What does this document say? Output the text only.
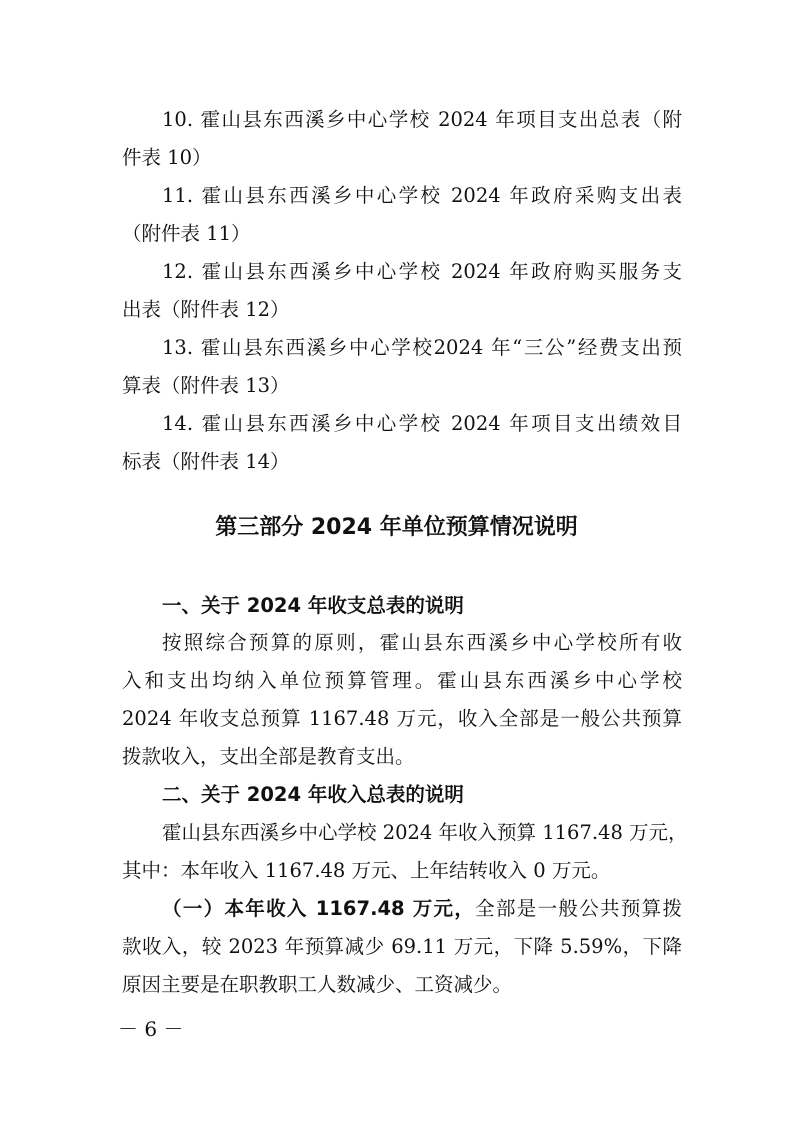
10. 霍山县东西溪乡中心学校 2024 年项目支出总表（附
件表 10）
11. 霍山县东西溪乡中心学校 2024 年政府采购支出表
（附件表 11）
12. 霍山县东西溪乡中心学校 2024 年政府购买服务支
出表（附件表 12）
13. 霍山县东西溪乡中心学校2024 年“三公”经费支出预
算表（附件表 13）
14. 霍山县东西溪乡中心学校 2024 年项目支出绩效目
标表（附件表 14）
第三部分 2024 年单位预算情况说明
一、关于 2024 年收支总表的说明
按照综合预算的原则，霍山县东西溪乡中心学校所有收
入和支出均纳入单位预算管理。霍山县东西溪乡中心学校
2024 年收支总预算 1167.48 万元，收入全部是一般公共预算
拨款收入，支出全部是教育支出。
二、关于 2024 年收入总表的说明
霍山县东西溪乡中心学校 2024 年收入预算 1167.48 万元，
其中：本年收入 1167.48 万元、上年结转收入 0 万元。
（一）本年收入 1167.48 万元，全部是一般公共预算拨
款收入，较 2023 年预算减少 69.11 万元，下降 5.59%，下降
原因主要是在职教职工人数减少、工资减少。
－ 6 －
